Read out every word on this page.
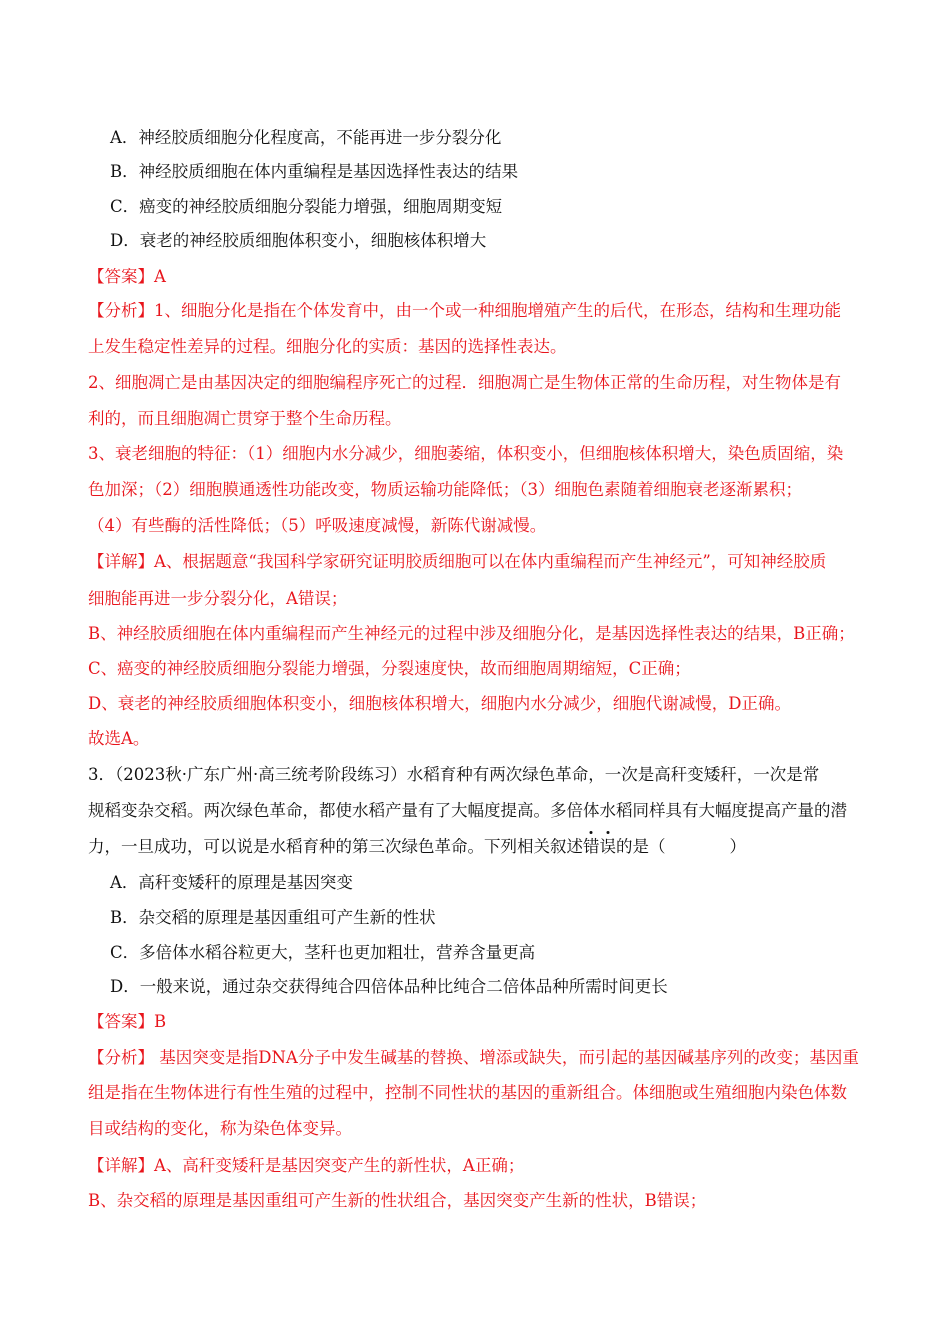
A．神经胶质细胞分化程度高，不能再进一步分裂分化
B．神经胶质细胞在体内重编程是基因选择性表达的结果
C．癌变的神经胶质细胞分裂能力增强，细胞周期变短
D．衰老的神经胶质细胞体积变小，细胞核体积增大
【答案】A
【分析】1、细胞分化是指在个体发育中，由一个或一种细胞增殖产生的后代，在形态，结构和生理功能
上发生稳定性差异的过程。细胞分化的实质：基因的选择性表达。
2、细胞凋亡是由基因决定的细胞编程序死亡的过程．细胞凋亡是生物体正常的生命历程，对生物体是有
利的，而且细胞凋亡贯穿于整个生命历程。
3、衰老细胞的特征：（1）细胞内水分减少，细胞萎缩，体积变小，但细胞核体积增大，染色质固缩，染
色加深；（2）细胞膜通透性功能改变，物质运输功能降低；（3）细胞色素随着细胞衰老逐渐累积；
（4）有些酶的活性降低；（5）呼吸速度减慢，新陈代谢减慢。
【详解】A、根据题意“我国科学家研究证明胶质细胞可以在体内重编程而产生神经元”，可知神经胶质
细胞能再进一步分裂分化，A错误；
B、神经胶质细胞在体内重编程而产生神经元的过程中涉及细胞分化，是基因选择性表达的结果，B正确；
C、癌变的神经胶质细胞分裂能力增强，分裂速度快，故而细胞周期缩短，C正确；
D、衰老的神经胶质细胞体积变小，细胞核体积增大，细胞内水分减少，细胞代谢减慢，D正确。
故选A。
3．（2023秋·广东广州·高三统考阶段练习）水稻育种有两次绿色革命，一次是高秆变矮秆，一次是常
规稻变杂交稻。两次绿色革命，都使水稻产量有了大幅度提高。多倍体水稻同样具有大幅度提高产量的潜
力，一旦成功，可以说是水稻育种的第三次绿色革命。下列相关叙述错误的是（	）
A．高秆变矮秆的原理是基因突变
B．杂交稻的原理是基因重组可产生新的性状
C．多倍体水稻谷粒更大，茎秆也更加粗壮，营养含量更高
D．一般来说，通过杂交获得纯合四倍体品种比纯合二倍体品种所需时间更长
【答案】B
【分析】 基因突变是指DNA分子中发生碱基的替换、增添或缺失，而引起的基因碱基序列的改变；基因重
组是指在生物体进行有性生殖的过程中，控制不同性状的基因的重新组合。体细胞或生殖细胞内染色体数
目或结构的变化，称为染色体变异。
【详解】A、高秆变矮秆是基因突变产生的新性状，A正确；
B、杂交稻的原理是基因重组可产生新的性状组合，基因突变产生新的性状，B错误；
